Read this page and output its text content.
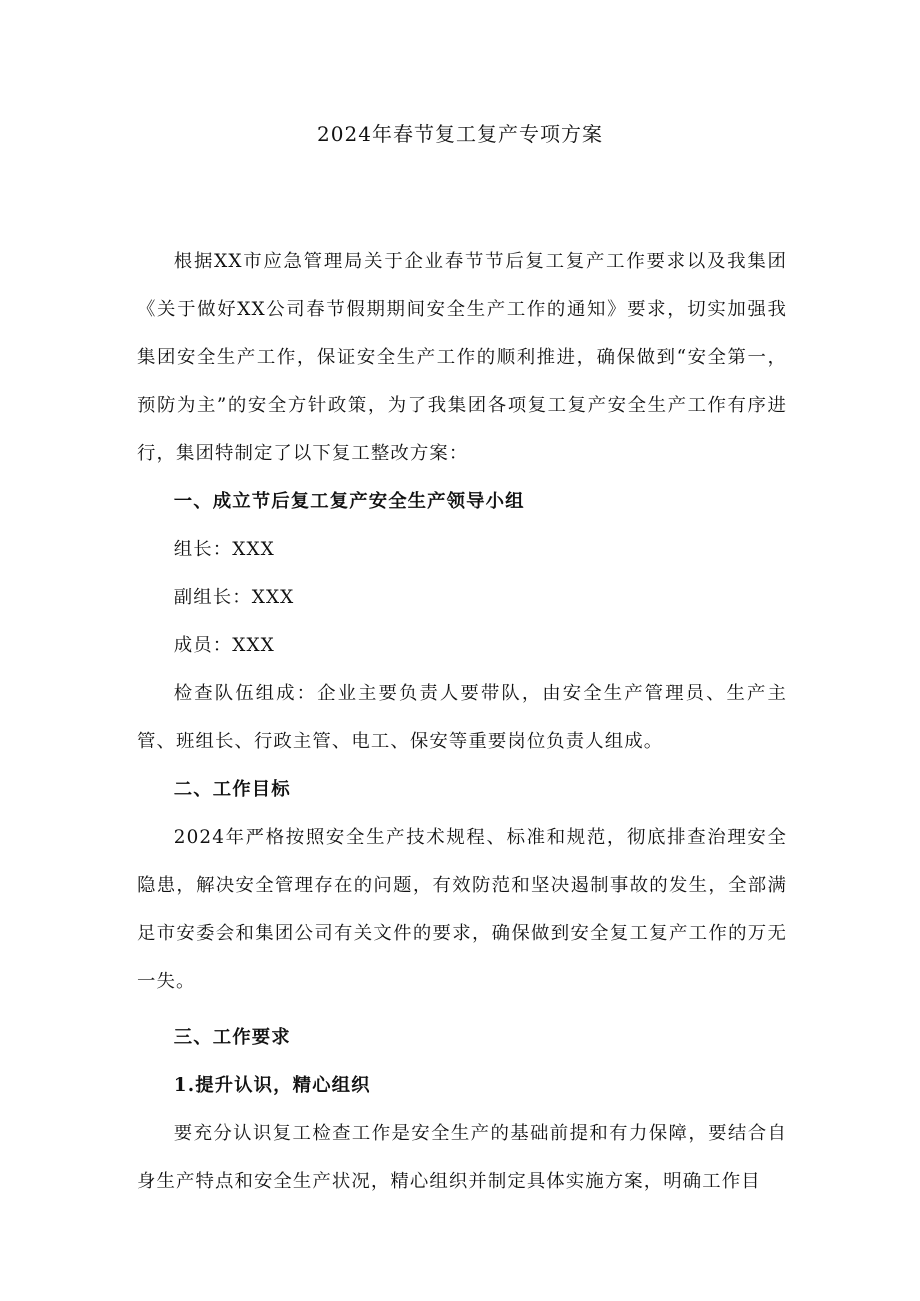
2024年春节复工复产专项方案

根据XX市应急管理局关于企业春节节后复工复产工作要求以及我集团《关于做好XX公司春节假期期间安全生产工作的通知》要求，切实加强我集团安全生产工作，保证安全生产工作的顺利推进，确保做到“安全第一，预防为主”的安全方针政策，为了我集团各项复工复产安全生产工作有序进行，集团特制定了以下复工整改方案：

一、成立节后复工复产安全生产领导小组

组长：XXX

副组长：XXX

成员：XXX

检查队伍组成：企业主要负责人要带队，由安全生产管理员、生产主管、班组长、行政主管、电工、保安等重要岗位负责人组成。

二、工作目标

2024年严格按照安全生产技术规程、标准和规范，彻底排查治理安全隐患，解决安全管理存在的问题，有效防范和坚决遏制事故的发生，全部满足市安委会和集团公司有关文件的要求，确保做到安全复工复产工作的万无一失。

三、工作要求

1.提升认识，精心组织

要充分认识复工检查工作是安全生产的基础前提和有力保障，要结合自身生产特点和安全生产状况，精心组织并制定具体实施方案，明确工作目
